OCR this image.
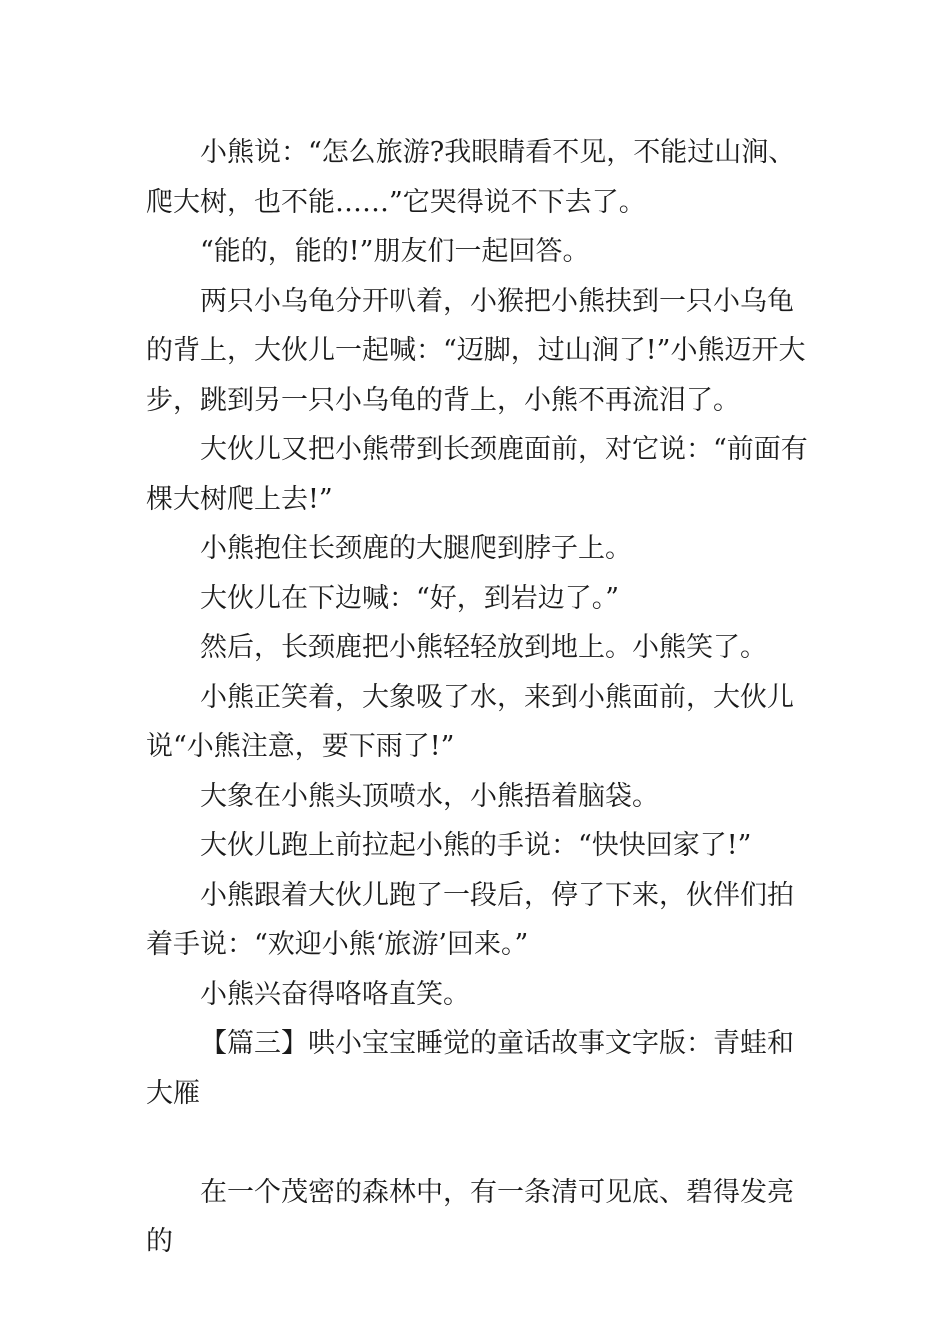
小熊说：“怎么旅游?我眼睛看不见，不能过山涧、爬大树，也不能……”它哭得说不下去了。

“能的，能的!”朋友们一起回答。

两只小乌龟分开叭着，小猴把小熊扶到一只小乌龟的背上，大伙儿一起喊：“迈脚，过山涧了!”小熊迈开大步，跳到另一只小乌龟的背上，小熊不再流泪了。

大伙儿又把小熊带到长颈鹿面前，对它说：“前面有棵大树爬上去!”

小熊抱住长颈鹿的大腿爬到脖子上。

大伙儿在下边喊：“好，到岩边了。”

然后，长颈鹿把小熊轻轻放到地上。小熊笑了。

小熊正笑着，大象吸了水，来到小熊面前，大伙儿说“小熊注意，要下雨了!”

大象在小熊头顶喷水，小熊捂着脑袋。

大伙儿跑上前拉起小熊的手说：“快快回家了!”

小熊跟着大伙儿跑了一段后，停了下来，伙伴们拍着手说：“欢迎小熊‘旅游’回来。”

小熊兴奋得咯咯直笑。

【篇三】哄小宝宝睡觉的童话故事文字版：青蛙和大雁

在一个茂密的森林中，有一条清可见底、碧得发亮的
